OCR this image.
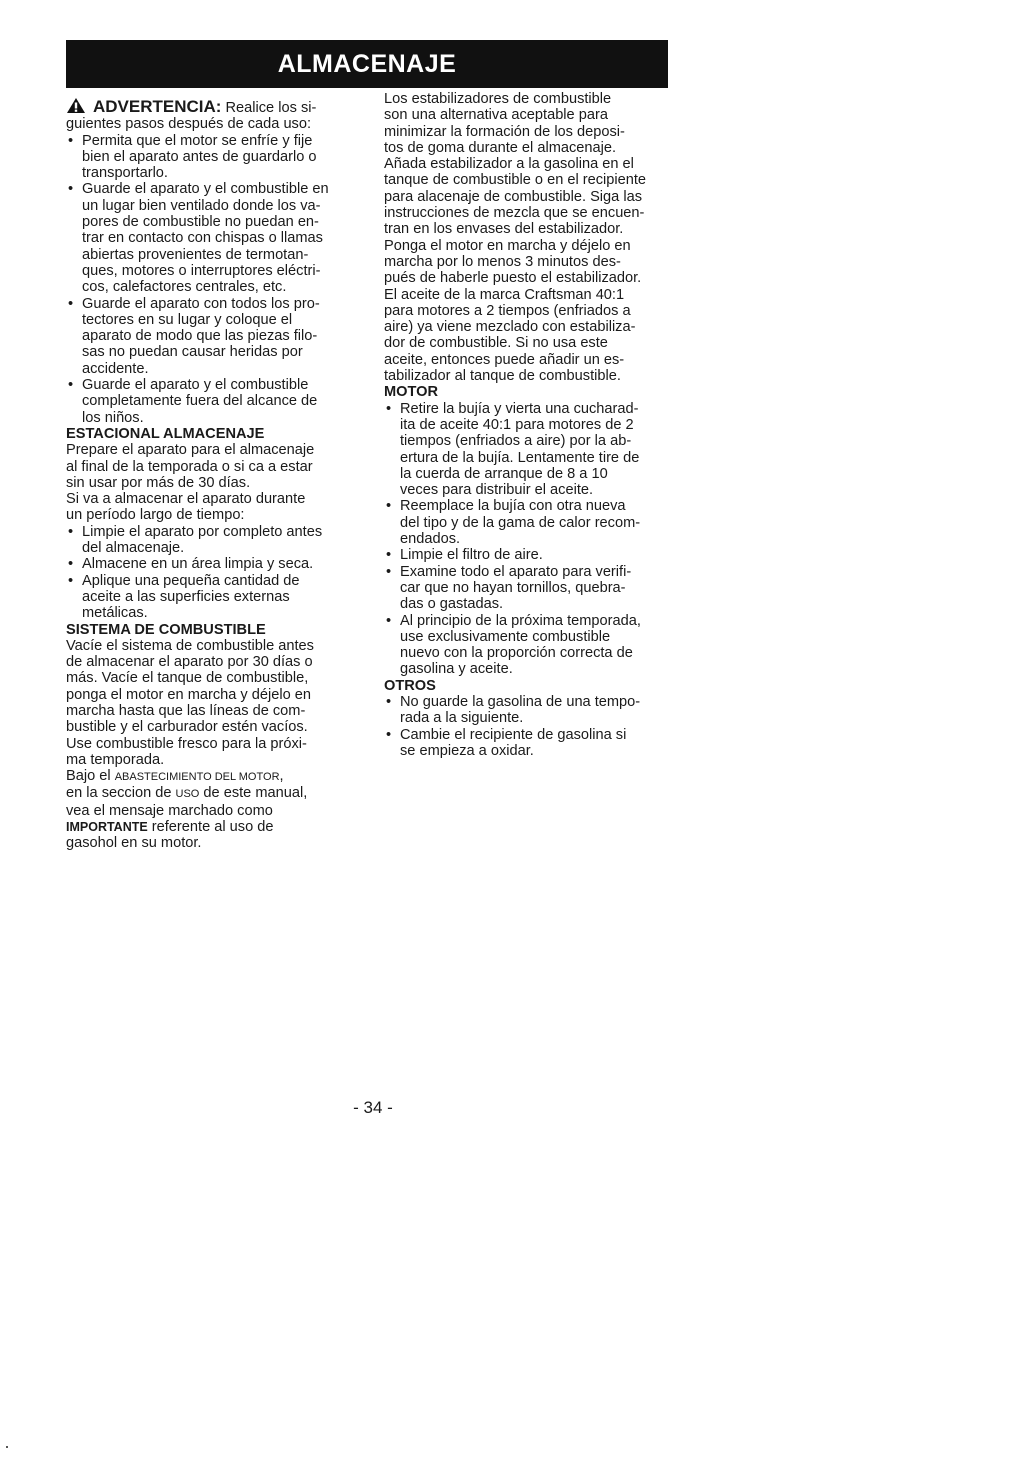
ALMACENAJE
ADVERTENCIA: Realice los si-
guientes pasos después de cada uso:
• Permita que el motor se enfríe y fije
bien el aparato antes de guardarlo o
transportarlo.
• Guarde el aparato y el combustible en
un lugar bien ventilado donde los va-
pores de combustible no puedan en-
trar en contacto con chispas o llamas
abiertas provenientes de termotan-
ques, motores o interruptores eléctri-
cos, calefactores centrales, etc.
• Guarde el aparato con todos los pro-
tectores en su lugar y coloque el
aparato de modo que las piezas filo-
sas no puedan causar heridas por
accidente.
• Guarde el aparato y el combustible
completamente fuera del alcance de
los niños.
ESTACIONAL ALMACENAJE

Prepare el aparato para el almacenaje
al final de la temporada o si ca a estar
sin usar por más de 30 días.

Si va a almacenar el aparato durante
un período largo de tiempo:

• Limpie el aparato por completo antes
del almacenaje.
• Almacene en un área limpia y seca.
• Aplique una pequeña cantidad de
aceite a las superficies externas
metálicas.
SISTEMA DE COMBUSTIBLE

Vacíe el sistema de combustible antes
de almacenar el aparato por 30 días o
más. Vacíe el tanque de combustible,
ponga el motor en marcha y déjelo en
marcha hasta que las líneas de com-
bustible y el carburador estén vacíos.
Use combustible fresco para la próxi-
ma temporada.

Bajo el ABASTECIMIENTO DEL MOTOR,
en la seccion de USO de este manual,
vea el mensaje marchado como
IMPORTANTE referente al uso de
gasohol en su motor.

Los estabilizadores de combustible
son una alternativa aceptable para
minimizar la formación de los deposi-
tos de goma durante el almacenaje.
Añada estabilizador a la gasolina en el
tanque de combustible o en el recipiente
para alacenaje de combustible. Siga las
instrucciones de mezcla que se encuen-
tran en los envases del estabilizador.
Ponga el motor en marcha y déjelo en
marcha por lo menos 3 minutos des-
pués de haberle puesto el estabilizador.

El aceite de la marca Craftsman 40:1
para motores a 2 tiempos (enfriados a
aire) ya viene mezclado con estabiliza-
dor de combustible. Si no usa este
aceite, entonces puede añadir un es-
tabilizador al tanque de combustible.

MOTOR
• Retire la bujía y vierta una cucharad-
ita de aceite 40:1 para motores de 2
tiempos (enfriados a aire) por la ab-
ertura de la bujía. Lentamente tire de
la cuerda de arranque de 8 a 10
veces para distribuir el aceite.
• Reemplace la bujía con otra nueva
del tipo y de la gama de calor recom-
endados.
• Limpie el filtro de aire.
• Examine todo el aparato para verifi-
car que no hayan tornillos, quebra-
das o gastadas.
• Al principio de la próxima temporada,
use exclusivamente combustible
nuevo con la proporción correcta de
gasolina y aceite.
OTROS
• No guarde la gasolina de una tempo-
rada a la siguiente.
• Cambie el recipiente de gasolina si
se empieza a oxidar.
- 34 -
